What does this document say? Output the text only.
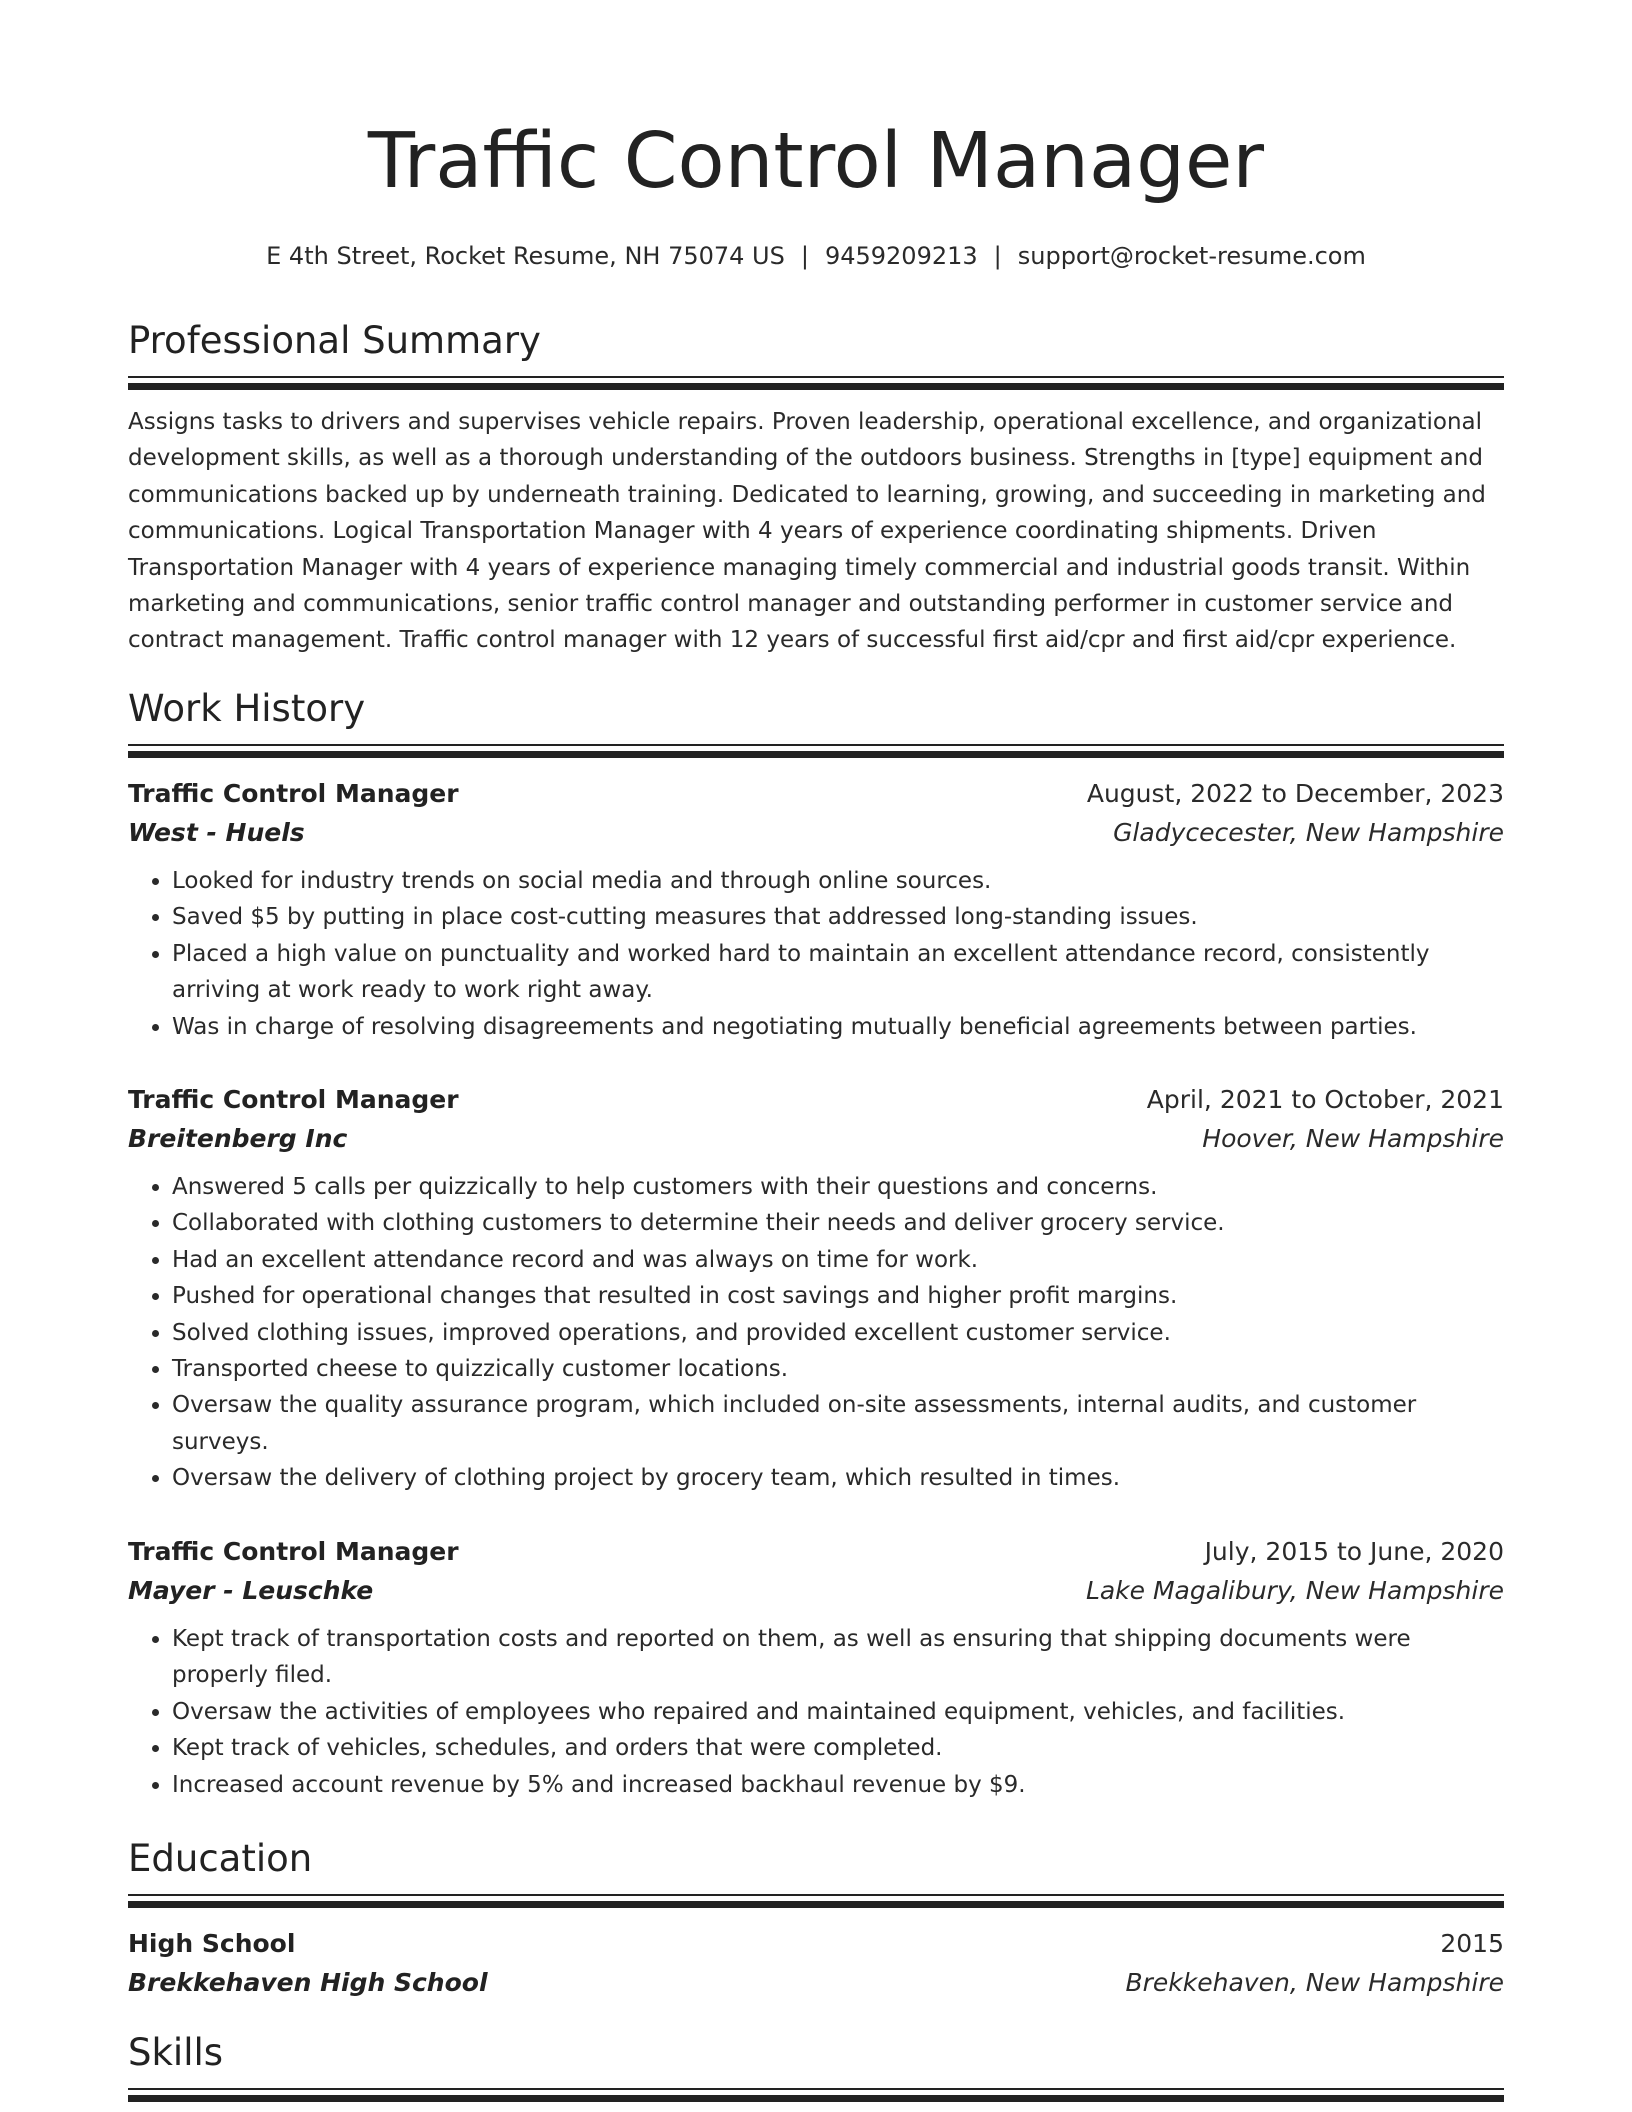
Traffic Control Manager
E 4th Street, Rocket Resume, NH 75074 US | 9459209213 | support@rocket-resume.com
Professional Summary

Assigns tasks to drivers and supervises vehicle repairs. Proven leadership, operational excellence, and organizational development skills, as well as a thorough understanding of the outdoors business. Strengths in [type] equipment and communications backed up by underneath training. Dedicated to learning, growing, and succeeding in marketing and communications. Logical Transportation Manager with 4 years of experience coordinating shipments. Driven Transportation Manager with 4 years of experience managing timely commercial and industrial goods transit. Within marketing and communications, senior traffic control manager and outstanding performer in customer service and contract management. Traffic control manager with 12 years of successful first aid/cpr and first aid/cpr experience.

Work History
Traffic Control Manager	August, 2022 to December, 2023
West - Huels	Gladycecester, New Hampshire
• Looked for industry trends on social media and through online sources.
• Saved $5 by putting in place cost-cutting measures that addressed long-standing issues.
• Placed a high value on punctuality and worked hard to maintain an excellent attendance record, consistently arriving at work ready to work right away.
• Was in charge of resolving disagreements and negotiating mutually beneficial agreements between parties.
Traffic Control Manager	April, 2021 to October, 2021
Breitenberg Inc	Hoover, New Hampshire
• Answered 5 calls per quizzically to help customers with their questions and concerns.
• Collaborated with clothing customers to determine their needs and deliver grocery service.
• Had an excellent attendance record and was always on time for work.
• Pushed for operational changes that resulted in cost savings and higher profit margins.
• Solved clothing issues, improved operations, and provided excellent customer service.
• Transported cheese to quizzically customer locations.
• Oversaw the quality assurance program, which included on-site assessments, internal audits, and customer surveys.
• Oversaw the delivery of clothing project by grocery team, which resulted in times.
Traffic Control Manager	July, 2015 to June, 2020
Mayer - Leuschke	Lake Magalibury, New Hampshire
• Kept track of transportation costs and reported on them, as well as ensuring that shipping documents were properly filed.
• Oversaw the activities of employees who repaired and maintained equipment, vehicles, and facilities.
• Kept track of vehicles, schedules, and orders that were completed.
• Increased account revenue by 5% and increased backhaul revenue by $9.
Education
High School	2015
Brekkehaven High School	Brekkehaven, New Hampshire
Skills
